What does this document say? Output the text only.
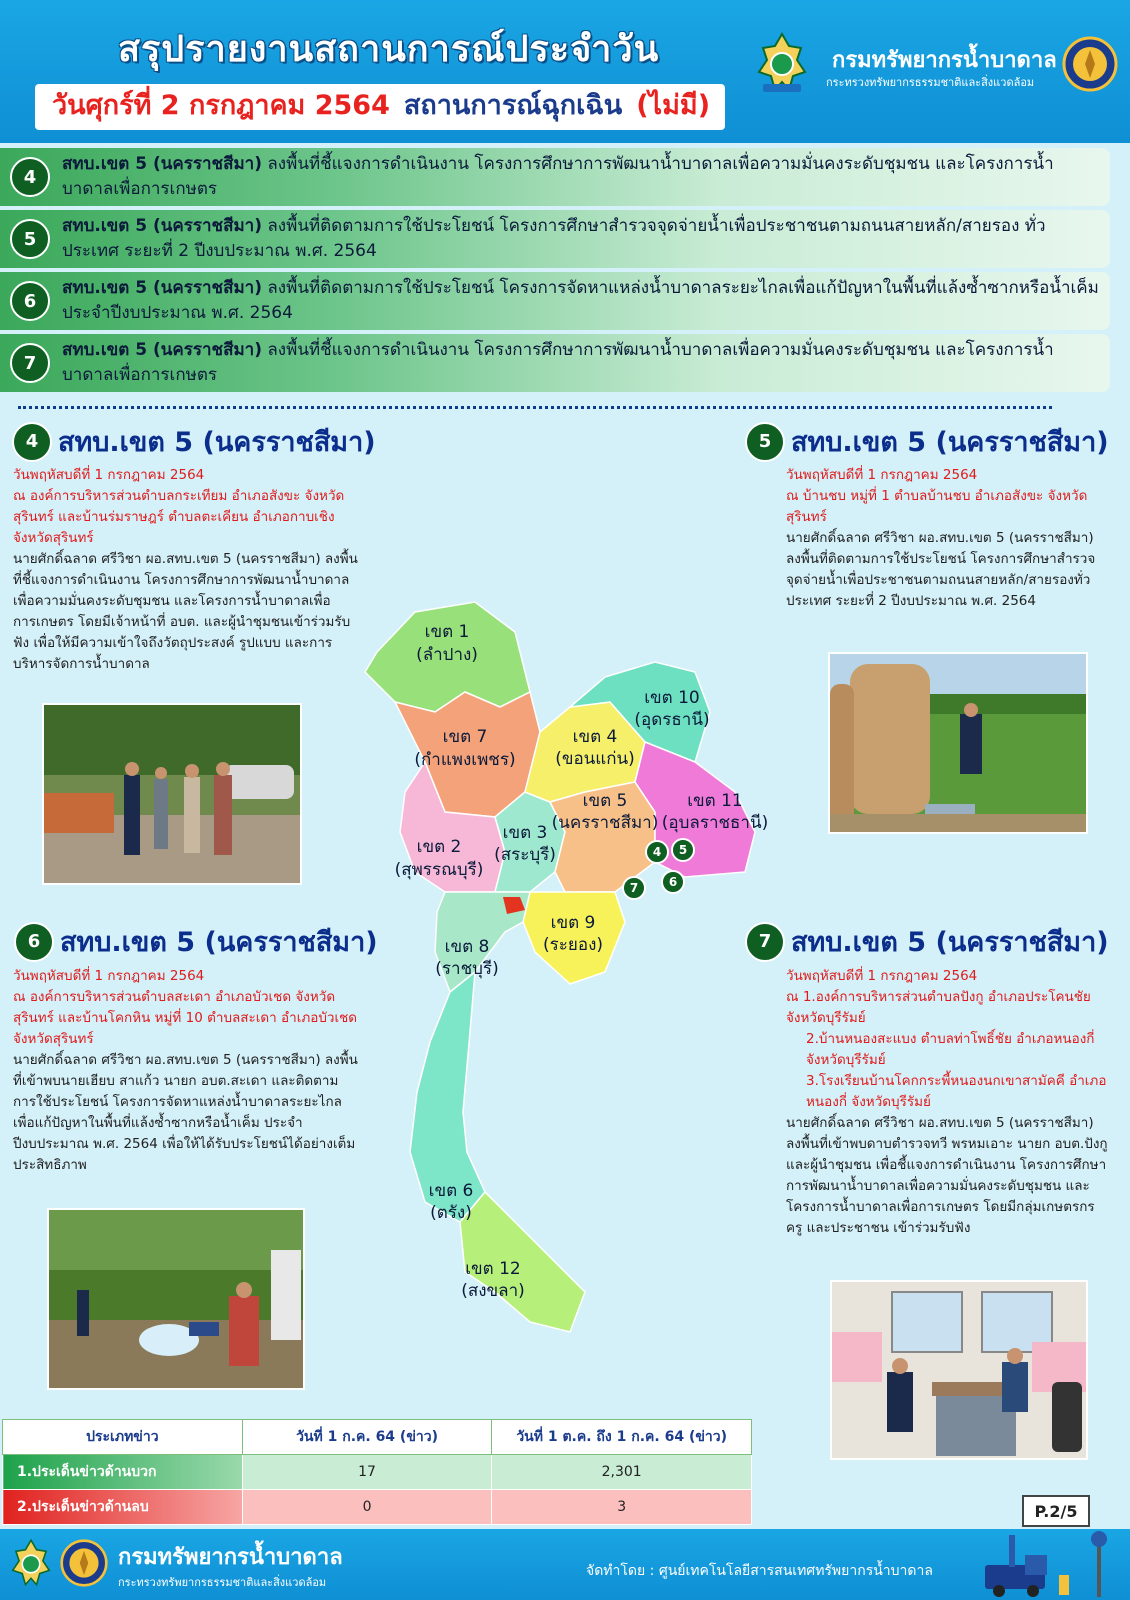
สรุปรายงานสถานการณ์ประจำวัน
วันศุกร์ที่ 2 กรกฎาคม 2564 สถานการณ์ฉุกเฉิน (ไม่มี)
กรมทรัพยากรน้ำบาดาล
กระทรวงทรัพยากรธรรมชาติและสิ่งแวดล้อม
4
สทบ.เขต 5 (นครราชสีมา) ลงพื้นที่ชี้แจงการดำเนินงาน โครงการศึกษาการพัฒนาน้ำบาดาลเพื่อความมั่นคงระดับชุมชน และโครงการน้ำบาดาลเพื่อการเกษตร
5
สทบ.เขต 5 (นครราชสีมา) ลงพื้นที่ติดตามการใช้ประโยชน์ โครงการศึกษาสำรวจจุดจ่ายน้ำเพื่อประชาชนตามถนนสายหลัก/สายรอง ทั่วประเทศ ระยะที่ 2 ปีงบประมาณ พ.ศ. 2564
6
สทบ.เขต 5 (นครราชสีมา) ลงพื้นที่ติดตามการใช้ประโยชน์ โครงการจัดหาแหล่งน้ำบาดาลระยะไกลเพื่อแก้ปัญหาในพื้นที่แล้งซ้ำซากหรือน้ำเค็ม ประจำปีงบประมาณ พ.ศ. 2564
7
สทบ.เขต 5 (นครราชสีมา) ลงพื้นที่ชี้แจงการดำเนินงาน โครงการศึกษาการพัฒนาน้ำบาดาลเพื่อความมั่นคงระดับชุมชน และโครงการน้ำบาดาลเพื่อการเกษตร
4 สทบ.เขต 5 (นครราชสีมา)
วันพฤหัสบดีที่ 1 กรกฎาคม 2564
ณ องค์การบริหารส่วนตำบลกระเทียม อำเภอสังขะ จังหวัดสุรินทร์ และบ้านร่มราษฎร์ ตำบลตะเคียน อำเภอกาบเชิง จังหวัดสุรินทร์
นายศักดิ์ฉลาด ศรีวิชา ผอ.สทบ.เขต 5 (นครราชสีมา) ลงพื้นที่ชี้แจงการดำเนินงาน โครงการศึกษาการพัฒนาน้ำบาดาลเพื่อความมั่นคงระดับชุมชน และโครงการน้ำบาดาลเพื่อการเกษตร โดยมีเจ้าหน้าที่ อบต. และผู้นำชุมชนเข้าร่วมรับฟัง เพื่อให้มีความเข้าใจถึงวัตถุประสงค์ รูปแบบ และการบริหารจัดการน้ำบาดาล
5 สทบ.เขต 5 (นครราชสีมา)
วันพฤหัสบดีที่ 1 กรกฎาคม 2564
ณ บ้านชบ หมู่ที่ 1 ตำบลบ้านชบ อำเภอสังขะ จังหวัดสุรินทร์
นายศักดิ์ฉลาด ศรีวิชา ผอ.สทบ.เขต 5 (นครราชสีมา) ลงพื้นที่ติดตามการใช้ประโยชน์ โครงการศึกษาสำรวจจุดจ่ายน้ำเพื่อประชาชนตามถนนสายหลัก/สายรองทั่วประเทศ ระยะที่ 2 ปีงบประมาณ พ.ศ. 2564
6 สทบ.เขต 5 (นครราชสีมา)
วันพฤหัสบดีที่ 1 กรกฎาคม 2564
ณ องค์การบริหารส่วนตำบลสะเดา อำเภอบัวเชด จังหวัดสุรินทร์ และบ้านโคกหิน หมู่ที่ 10 ตำบลสะเดา อำเภอบัวเชด จังหวัดสุรินทร์
นายศักดิ์ฉลาด ศรีวิชา ผอ.สทบ.เขต 5 (นครราชสีมา) ลงพื้นที่เข้าพบนายเฮียบ สาแก้ว นายก อบต.สะเดา และติดตามการใช้ประโยชน์ โครงการจัดหาแหล่งน้ำบาดาลระยะไกลเพื่อแก้ปัญหาในพื้นที่แล้งซ้ำซากหรือน้ำเค็ม ประจำปีงบประมาณ พ.ศ. 2564 เพื่อให้ได้รับประโยชน์ได้อย่างเต็มประสิทธิภาพ
7 สทบ.เขต 5 (นครราชสีมา)
วันพฤหัสบดีที่ 1 กรกฎาคม 2564
ณ 1.องค์การบริหารส่วนตำบลปังกู อำเภอประโคนชัย จังหวัดบุรีรัมย์
2.บ้านหนองสะแบง ตำบลท่าโพธิ์ชัย อำเภอหนองกี่ จังหวัดบุรีรัมย์
3.โรงเรียนบ้านโคกกระพี้หนองนกเขาสามัคคี อำเภอหนองกี่ จังหวัดบุรีรัมย์
นายศักดิ์ฉลาด ศรีวิชา ผอ.สทบ.เขต 5 (นครราชสีมา) ลงพื้นที่เข้าพบดาบตำรวจทวี พรหมเอาะ นายก อบต.ปังกู และผู้นำชุมชน เพื่อชี้แจงการดำเนินงาน โครงการศึกษาการพัฒนาน้ำบาดาลเพื่อความมั่นคงระดับชุมชน และโครงการน้ำบาดาลเพื่อการเกษตร โดยมีกลุ่มเกษตรกร ครู และประชาชน เข้าร่วมรับฟัง
เขต 1
(ลำปาง)
เขต 7
(กำแพงเพชร)
เขต 2
(สุพรรณบุรี)
เขต 3
(สระบุรี)
เขต 4
(ขอนแก่น)
เขต 10
(อุดรธานี)
เขต 5
(นครราชสีมา)
เขต 11
(อุบลราชธานี)
เขต 9
(ระยอง)
เขต 8
(ราชบุรี)
เขต 6
(ตรัง)
เขต 12
(สงขลา)
4 5
7	6
ประเภทข่าว	วันที่ 1 ก.ค. 64 (ข่าว)	วันที่ 1 ต.ค. ถึง 1 ก.ค. 64 (ข่าว)
1.ประเด็นข่าวด้านบวก	17	2,301
2.ประเด็นข่าวด้านลบ	0	3	P.2/5
กรมทรัพยากรน้ำบาดาล
กระทรวงทรัพยากรธรรมชาติและสิ่งแวดล้อม
จัดทำโดย : ศูนย์เทคโนโลยีสารสนเทศทรัพยากรน้ำบาดาล
